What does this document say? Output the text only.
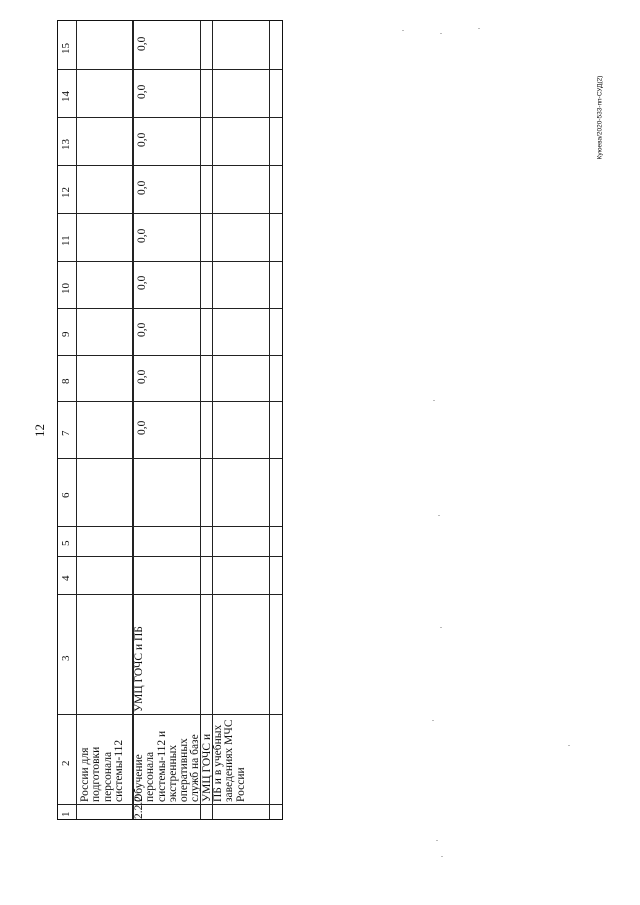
12
Куюева/2020-533-пп-СУД(2)
1
2
3
4
5
6
7
8
9
10
11
12
13
14
15
России для
подготовки
персонала
системы-112
2.2.2
Обучение
персонала
системы-112 и
экстренных
оперативных
служб на базе
УМЦ ГОЧС и
ПБ и в учебных
заведениях МЧС
России
УМЦ ГОЧС и ПБ
0,0
0,0
0,0
0,0
0,0
0,0
0,0
0,0
0,0
